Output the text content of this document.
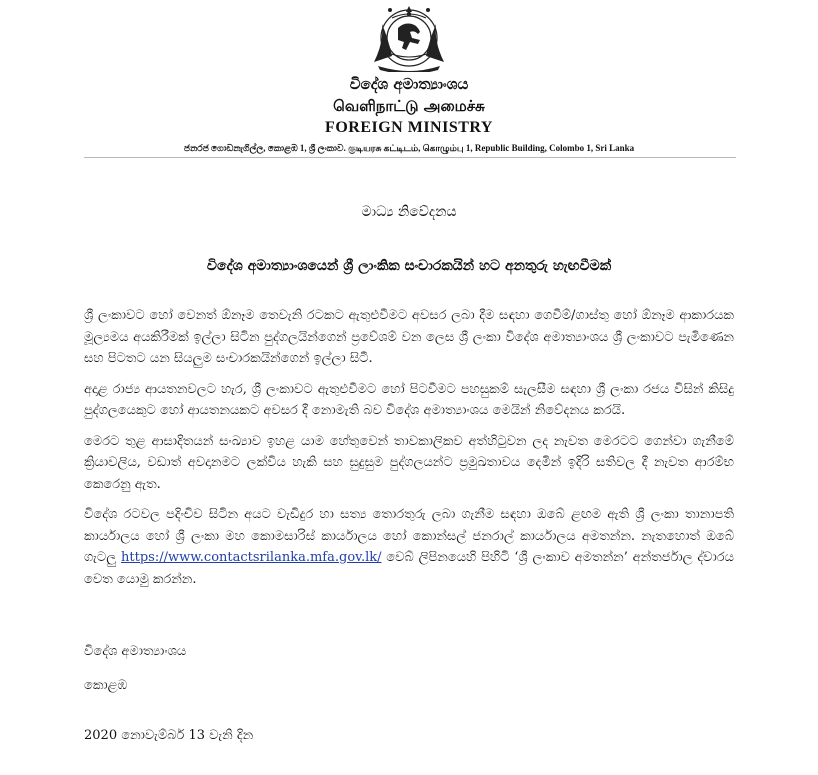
විදේශ අමාත්‍යාංශය
வெளிநாட்டு அமைச்சு
FOREIGN MINISTRY
ජනරජ ගොඩනැගිල්ල, කොළඹ 1, ශ්‍රී ලංකාව. குடியரசு கட்டிடம், கொழும்பு 1, Republic Building, Colombo 1, Sri Lanka
මාධ්‍ය නිවේදනය
විදේශ අමාත්‍යාංශයෙන් ශ්‍රී ලාංකික සංචාරකයින් හට අනතුරු හැඟවීමක්

ශ්‍රී ලංකාවට හෝ වෙනත් ඕනෑම තෙවැනි රටකට ඇතුළුවීමට අවසර ලබා දීම සඳහා ගෙවීම්/ගාස්තු හෝ ඕනෑම ආකාරයක මූල්‍යමය අයකිරීමක් ඉල්ලා සිටින පුද්ගලයින්ගෙන් ප්‍රවේශම් වන ලෙස ශ්‍රී ලංකා විදේශ අමාත්‍යාංශය ශ්‍රී ලංකාවට පැමිණෙන සහ පිටතට යන සියලුම සංචාරකයින්ගෙන් ඉල්ලා සිටී.

අදාළ රාජ්‍ය ආයතනවලට හැර, ශ්‍රී ලංකාවට ඇතුළුවීමට හෝ පිටවීමට පහසුකම් සැලසීම සඳහා ශ්‍රී ලංකා රජය විසින් කිසිදු පුද්ගලයෙකුට හෝ ආයතනයකට අවසර දී නොමැති බව විදේශ අමාත්‍යාංශය මෙයින් නිවේදනය කරයි.

මෙරට තුළ ආසාදිතයන් සංඛ්‍යාව ඉහළ යාම හේතුවෙන් තාවකාලිකව අත්හිටුවන ලද නැවත මෙරටට ගෙන්වා ගැනීමේ ක්‍රියාවලිය, වඩාත් අවදානමට ලක්විය හැකි සහ සුදුසුම පුද්ගලයන්ට ප්‍රමුඛතාවය දෙමින් ඉදිරි සතිවල දී නැවත ආරම්භ කෙරෙනු ඇත.

විදේශ රටවල පදිංචිව සිටින අයට වැඩිදුර හා සත්‍ය තොරතුරු ලබා ගැනීම සඳහා ඔබේ ළඟම ඇති ශ්‍රී ලංකා තානාපති කාර්යාලය හෝ ශ්‍රී ලංකා මහ කොමසාරිස් කාර්යාලය හෝ කොන්සල් ජනරාල් කාර්යාලය අමතන්න. නැතහොත් ඔබේ ගැටලු https://www.contactsrilanka.mfa.gov.lk/ වෙබ් ලිපිනයෙහි පිහිටි ‘ශ්‍රී ලංකාව අමතන්න’ අන්තර්ජාල ද්වාරය වෙත යොමු කරන්න.

විදේශ අමාත්‍යාංශය
කොළඹ
2020 නොවැම්බර් 13 වැනි දින
